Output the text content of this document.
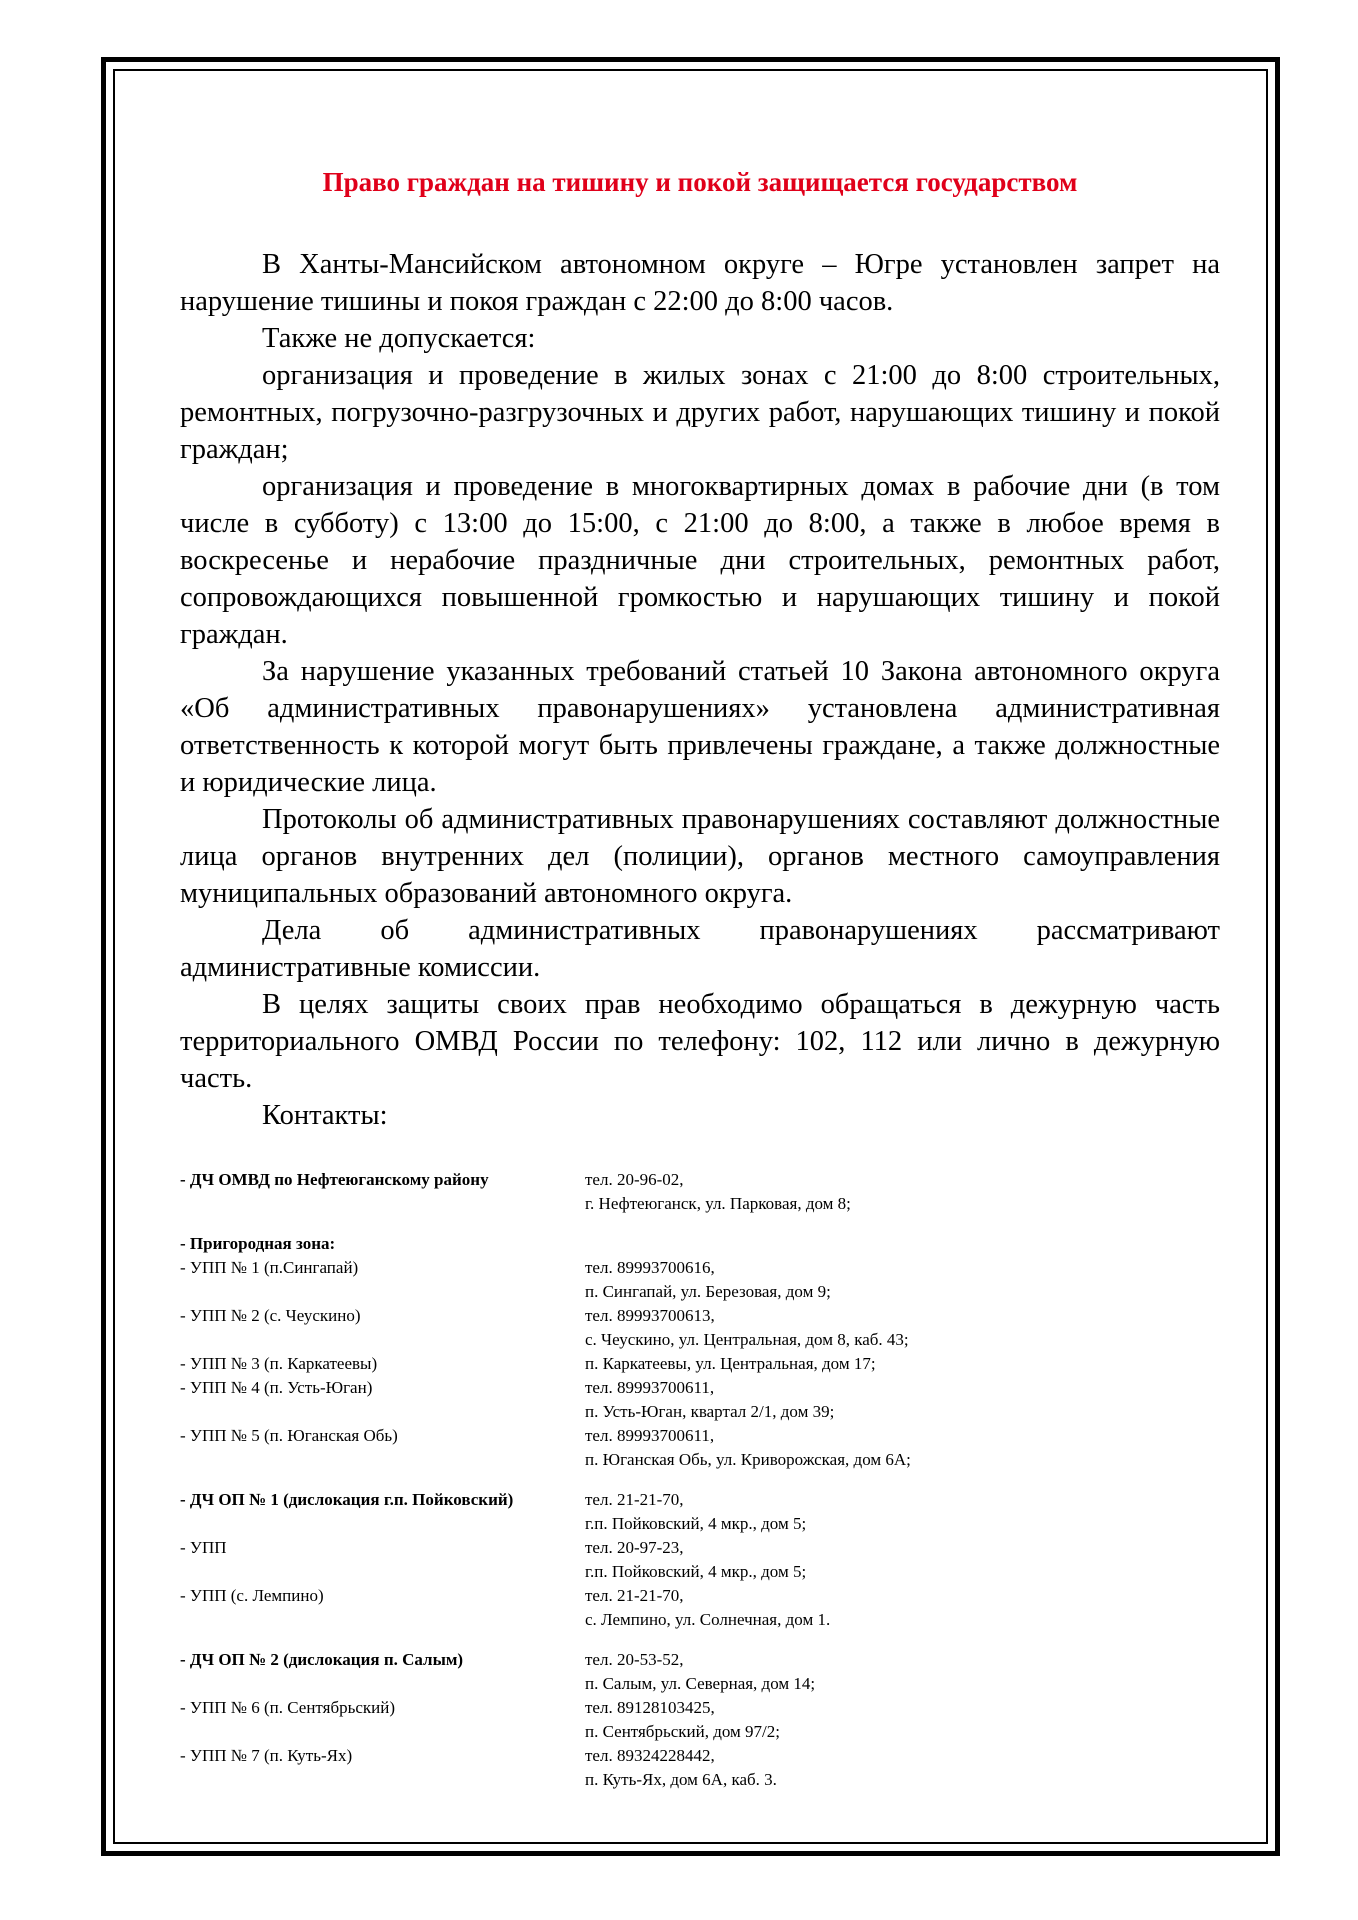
Право граждан на тишину и покой защищается государством

В Ханты-Мансийском автономном округе – Югре установлен запрет на нарушение тишины и покоя граждан с 22:00 до 8:00 часов.

Также не допускается:

организация и проведение в жилых зонах с 21:00 до 8:00 строительных, ремонтных, погрузочно-разгрузочных и других работ, нарушающих тишину и покой граждан;

организация и проведение в многоквартирных домах в рабочие дни (в том числе в субботу) с 13:00 до 15:00, с 21:00 до 8:00, а также в любое время в воскресенье и нерабочие праздничные дни строительных, ремонтных работ, сопровождающихся повышенной громкостью и нарушающих тишину и покой граждан.

За нарушение указанных требований статьей 10 Закона автономного округа «Об административных правонарушениях» установлена административная ответственность к которой могут быть привлечены граждане, а также должностные и юридические лица.

Протоколы об административных правонарушениях составляют должностные лица органов внутренних дел (полиции), органов местного самоуправления муниципальных образований автономного округа.

Дела об административных правонарушениях рассматривают административные комиссии.

В целях защиты своих прав необходимо обращаться в дежурную часть территориального ОМВД России по телефону: 102, 112 или лично в дежурную часть.

Контакты:

- ДЧ ОМВД по Нефтеюганскому району	тел. 20-96-02,
г. Нефтеюганск, ул. Парковая, дом 8;
- Пригородная зона:
- УПП № 1 (п.Сингапай)	тел. 89993700616,
п. Сингапай, ул. Березовая, дом 9;
- УПП № 2 (с. Чеускино)	тел. 89993700613,
с. Чеускино, ул. Центральная, дом 8, каб. 43;
- УПП № 3 (п. Каркатеевы)	п. Каркатеевы, ул. Центральная, дом 17;
- УПП № 4 (п. Усть-Юган)	тел. 89993700611,
п. Усть-Юган, квартал 2/1, дом 39;
- УПП № 5 (п. Юганская Обь)	тел. 89993700611,
п. Юганская Обь, ул. Криворожская, дом 6А;
- ДЧ ОП № 1 (дислокация г.п. Пойковский)	тел. 21-21-70,
г.п. Пойковский, 4 мкр., дом 5;
- УПП	тел. 20-97-23,
г.п. Пойковский, 4 мкр., дом 5;
- УПП (с. Лемпино)	тел. 21-21-70,
с. Лемпино, ул. Солнечная, дом 1.
- ДЧ ОП № 2 (дислокация п. Салым)	тел. 20-53-52,
п. Салым, ул. Северная, дом 14;
- УПП № 6 (п. Сентябрьский)	тел. 89128103425,
п. Сентябрьский, дом 97/2;
- УПП № 7 (п. Куть-Ях)	тел. 89324228442,
п. Куть-Ях, дом 6А, каб. 3.
